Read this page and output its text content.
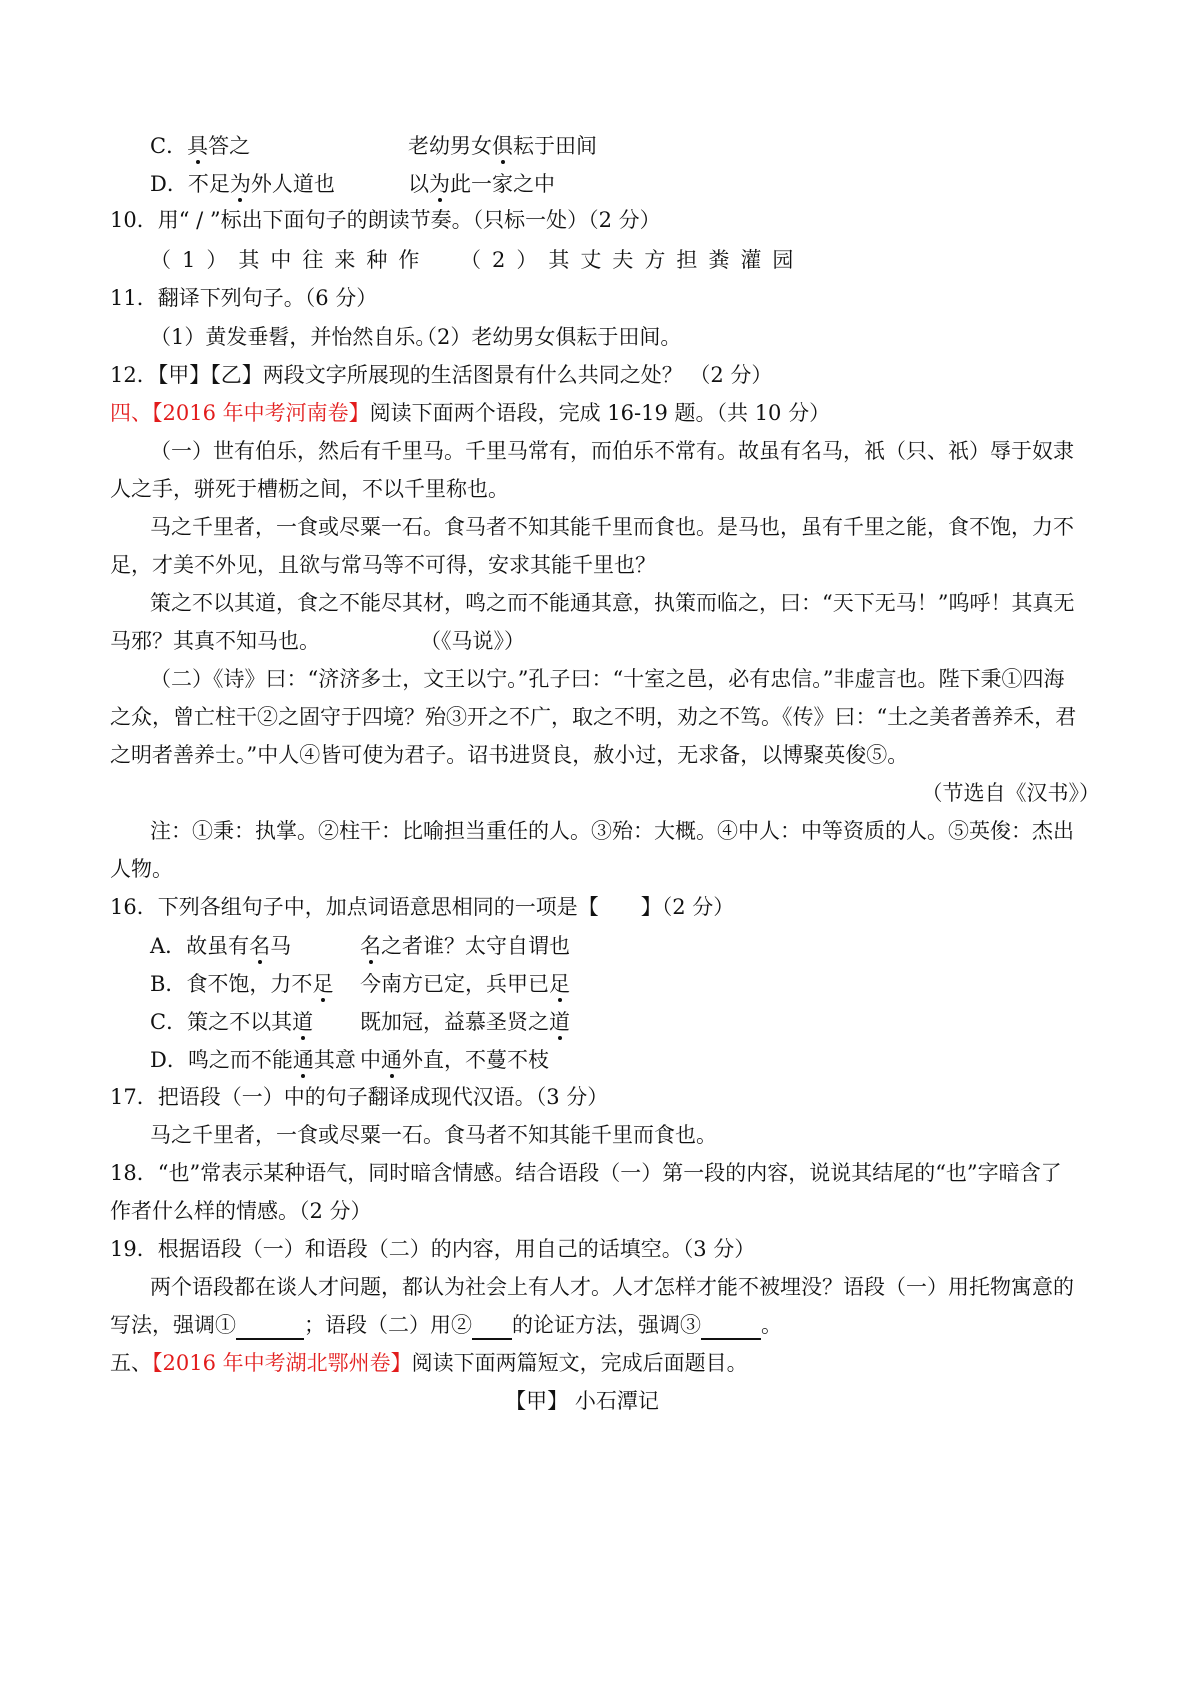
C．具答之	老幼男女俱耘于田间
D．不足为外人道也	以为此一家之中
10．用“ / ”标出下面句子的朗读节奏。（只标一处）（2 分）
（1）其中往来种作 （2）其丈夫方担粪灌园
11．翻译下列句子。（6 分）
（1）黄发垂髫，并怡然自乐。
（2）老幼男女俱耘于田间。
12．【甲】【乙】两段文字所展现的生活图景有什么共同之处？ （2 分）
四、【2016 年中考河南卷】阅读下面两个语段，完成 16-19 题。（共 10 分）
（一）世有伯乐，然后有千里马。千里马常有，而伯乐不常有。故虽有名马，祇（只、祇）辱于奴隶
人之手，骈死于槽枥之间，不以千里称也。
马之千里者，一食或尽粟一石。食马者不知其能千里而食也。是马也，虽有千里之能，食不饱，力不
足，才美不外见，且欲与常马等不可得，安求其能千里也？
策之不以其道，食之不能尽其材，鸣之而不能通其意，执策而临之，曰：“天下无马！”呜呼！其真无
马邪？其真不知马也。	（《马说》）
（二）《诗》曰：“济济多士，文王以宁。”孔子曰：“十室之邑，必有忠信。”非虚言也。陛下秉①四海
之众，曾亡柱干②之固守于四境？殆③开之不广，取之不明，劝之不笃。《传》曰：“土之美者善养禾，君
之明者善养士。”中人④皆可使为君子。诏书进贤良，赦小过，无求备，以博聚英俊⑤。
（节选自《汉书》）
注：①秉：执掌。②柱干：比喻担当重任的人。③殆：大概。④中人：中等资质的人。⑤英俊：杰出
人物。
16．下列各组句子中，加点词语意思相同的一项是【　　】（2 分）
A．故虽有名马	名之者谁？太守自谓也
B．食不饱，力不足 今南方已定，兵甲已足
C．策之不以其道 既加冠，益慕圣贤之道
D．鸣之而不能通其意 中通外直，不蔓不枝
17．把语段（一）中的句子翻译成现代汉语。（3 分）
马之千里者，一食或尽粟一石。食马者不知其能千里而食也。
18．“也”常表示某种语气，同时暗含情感。结合语段（一）第一段的内容，说说其结尾的“也”字暗含了
作者什么样的情感。（2 分）
19．根据语段（一）和语段（二）的内容，用自己的话填空。（3 分）
两个语段都在谈人才问题，都认为社会上有人才。人才怎样才能不被埋没？语段（一）用托物寓意的
写法，强调①	；语段（二）用② 的论证方法，强调③	。
五、【2016 年中考湖北鄂州卷】阅读下面两篇短文，完成后面题目。
【甲】 小石潭记
